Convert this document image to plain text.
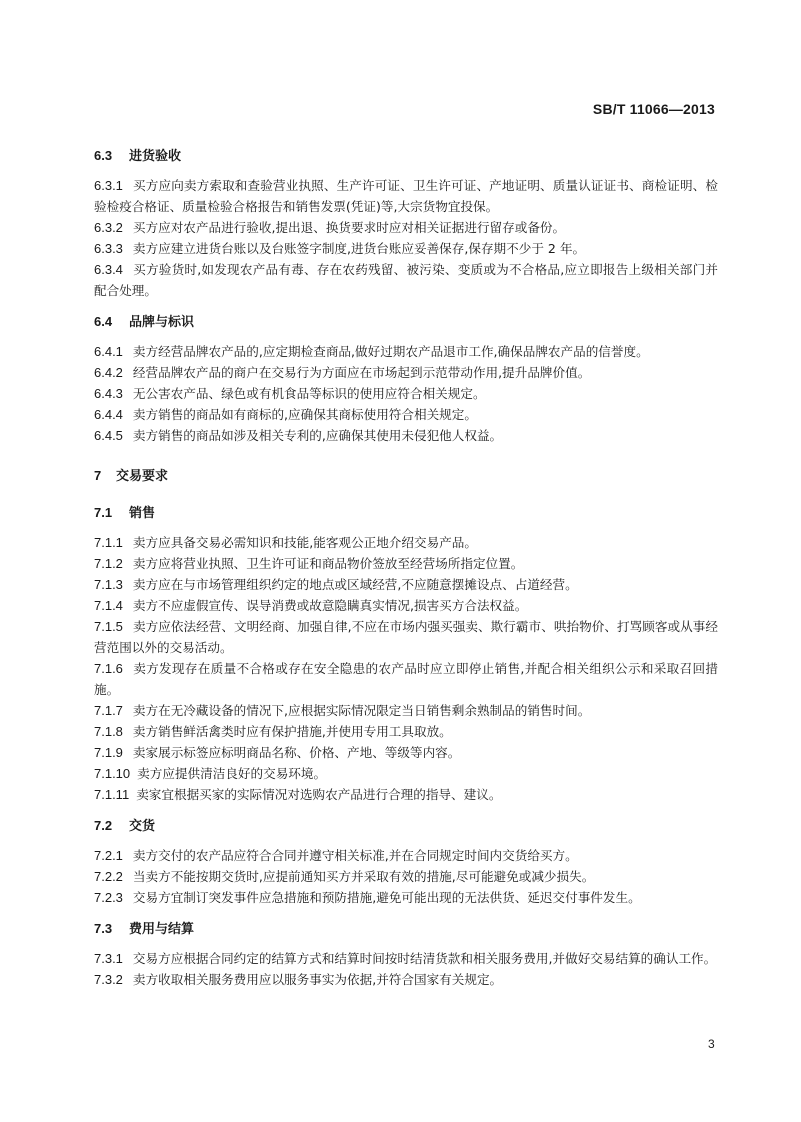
SB/T 11066—2013

6.3 进货验收

6.3.1 买方应向卖方索取和查验营业执照、生产许可证、卫生许可证、产地证明、质量认证证书、商检证明、检验检疫合格证、质量检验合格报告和销售发票(凭证)等,大宗货物宜投保。

6.3.2 买方应对农产品进行验收,提出退、换货要求时应对相关证据进行留存或备份。

6.3.3 卖方应建立进货台账以及台账签字制度,进货台账应妥善保存,保存期不少于 2 年。

6.3.4 买方验货时,如发现农产品有毒、存在农药残留、被污染、变质或为不合格品,应立即报告上级相关部门并配合处理。

6.4 品牌与标识

6.4.1 卖方经营品牌农产品的,应定期检查商品,做好过期农产品退市工作,确保品牌农产品的信誉度。

6.4.2 经营品牌农产品的商户在交易行为方面应在市场起到示范带动作用,提升品牌价值。

6.4.3 无公害农产品、绿色或有机食品等标识的使用应符合相关规定。

6.4.4 卖方销售的商品如有商标的,应确保其商标使用符合相关规定。

6.4.5 卖方销售的商品如涉及相关专利的,应确保其使用未侵犯他人权益。

7 交易要求

7.1 销售

7.1.1 卖方应具备交易必需知识和技能,能客观公正地介绍交易产品。

7.1.2 卖方应将营业执照、卫生许可证和商品物价签放至经营场所指定位置。

7.1.3 卖方应在与市场管理组织约定的地点或区域经营,不应随意摆摊设点、占道经营。

7.1.4 卖方不应虚假宣传、误导消费或故意隐瞒真实情况,损害买方合法权益。

7.1.5 卖方应依法经营、文明经商、加强自律,不应在市场内强买强卖、欺行霸市、哄抬物价、打骂顾客或从事经营范围以外的交易活动。

7.1.6 卖方发现存在质量不合格或存在安全隐患的农产品时应立即停止销售,并配合相关组织公示和采取召回措施。

7.1.7 卖方在无冷藏设备的情况下,应根据实际情况限定当日销售剩余熟制品的销售时间。

7.1.8 卖方销售鲜活禽类时应有保护措施,并使用专用工具取放。

7.1.9 卖家展示标签应标明商品名称、价格、产地、等级等内容。

7.1.10 卖方应提供清洁良好的交易环境。

7.1.11 卖家宜根据买家的实际情况对选购农产品进行合理的指导、建议。

7.2 交货

7.2.1 卖方交付的农产品应符合合同并遵守相关标准,并在合同规定时间内交货给买方。

7.2.2 当卖方不能按期交货时,应提前通知买方并采取有效的措施,尽可能避免或减少损失。

7.2.3 交易方宜制订突发事件应急措施和预防措施,避免可能出现的无法供货、延迟交付事件发生。

7.3 费用与结算

7.3.1 交易方应根据合同约定的结算方式和结算时间按时结清货款和相关服务费用,并做好交易结算的确认工作。

7.3.2 卖方收取相关服务费用应以服务事实为依据,并符合国家有关规定。

3
